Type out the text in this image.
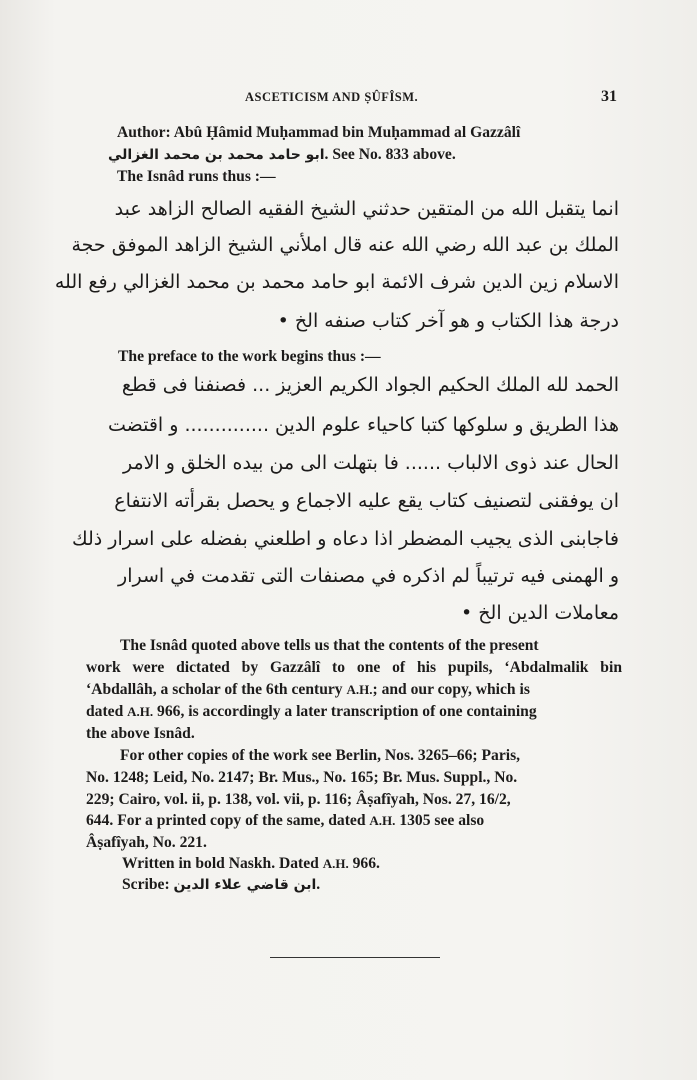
ASCETICISM AND ṢÛFÎSM.	31
Author: Abû Ḥâmid Muḥammad bin Muḥammad al Gazzâlî
ابو حامد محمد بن محمد الغزالي. See No. 833 above.
The Isnâd runs thus :—
انما يتقبل الله من المتقين حدثني الشيخ الفقيه الصالح الزاهد عبد
الملك بن عبد الله رضي الله عنه قال املأني الشيخ الزاهد الموفق حجة
الاسلام زين الدين شرف الائمة ابو حامد محمد بن محمد الغزالي رفع الله
درجة هذا الكتاب و هو آخر كتاب صنفه الخ •
The preface to the work begins thus :—
الحمد لله الملك الحكيم الجواد الكريم العزيز ... فصنفنا فى قطع
هذا الطريق و سلوكها كتبا كاحياء علوم الدين .............. و اقتضت
الحال عند ذوى الالباب ...... فا بتهلت الى من بيده الخلق و الامر
ان يوفقنى لتصنيف كتاب يقع عليه الاجماع و يحصل بقرأته الانتفاع
فاجابنى الذى يجيب المضطر اذا دعاه و اطلعني بفضله على اسرار ذلك
و الهمنى فيه ترتيباً لم اذكره في مصنفات التى تقدمت في اسرار
معاملات الدين الخ •
The Isnâd quoted above tells us that the contents of the present
work were dictated by Gazzâlî to one of his pupils, ‘Abdalmalik bin
‘Abdallâh, a scholar of the 6th century A.H.; and our copy, which is
dated A.H. 966, is accordingly a later transcription of one containing
the above Isnâd.
For other copies of the work see Berlin, Nos. 3265–66; Paris,
No. 1248; Leid, No. 2147; Br. Mus., No. 165; Br. Mus. Suppl., No.
229; Cairo, vol. ii, p. 138, vol. vii, p. 116; Âṣafîyah, Nos. 27, 16/2,
644. For a printed copy of the same, dated A.H. 1305 see also
Âṣafîyah, No. 221.
Written in bold Naskh. Dated A.H. 966.
Scribe: ابن قاضي علاء الدين.
